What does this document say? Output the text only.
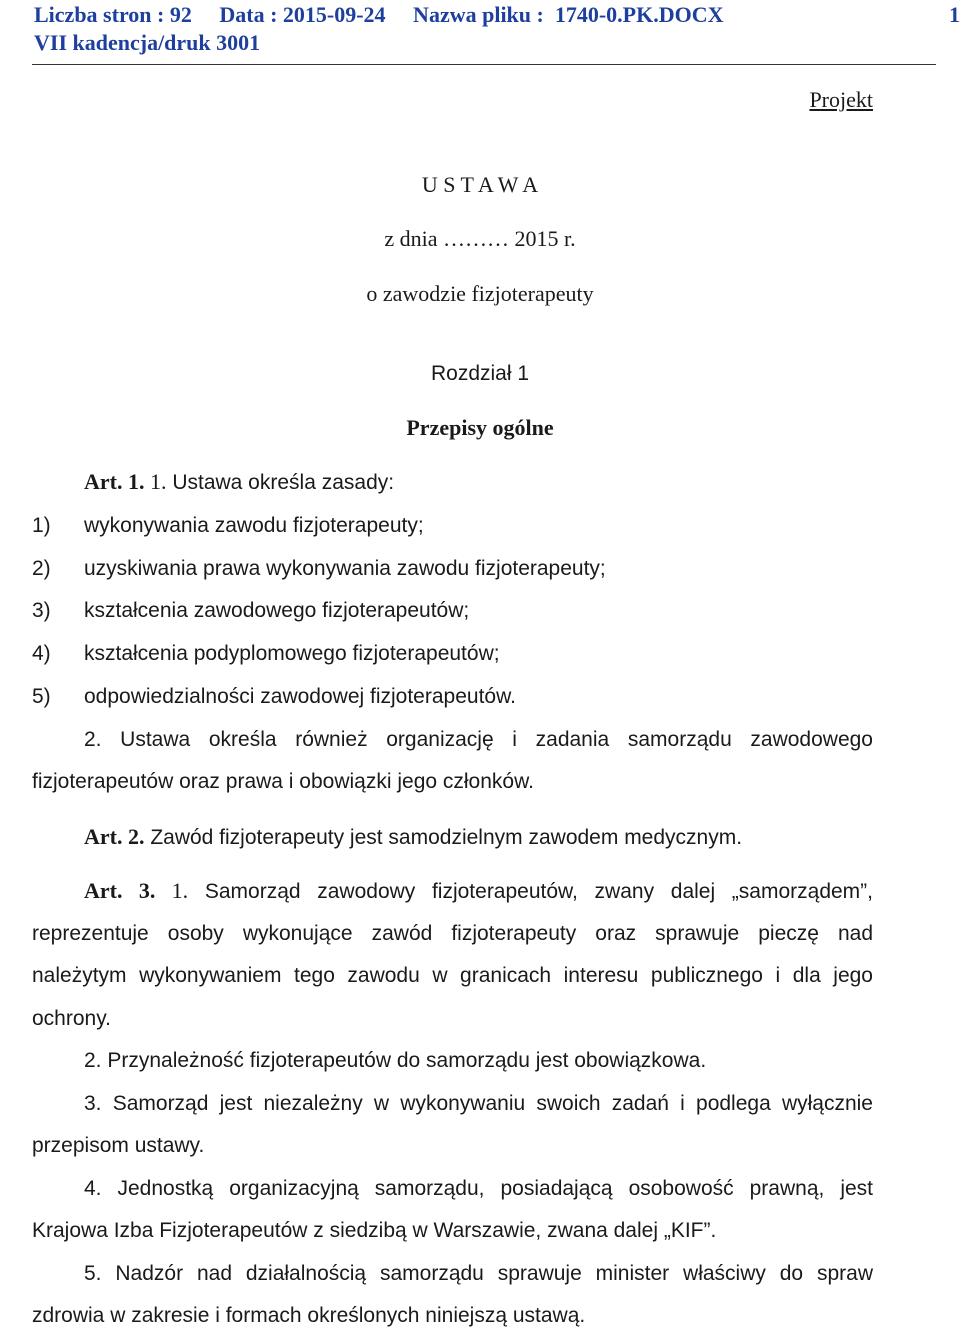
Liczba stron : 92     Data : 2015-09-24     Nazwa pliku :  1740-0.PK.DOCX	1
VII kadencja/druk 3001
Projekt
U S T A W A
z dnia ……… 2015 r.
o zawodzie fizjoterapeuty
Rozdział 1
Przepisy ogólne
Art. 1. 1. Ustawa określa zasady:
1) wykonywania zawodu fizjoterapeuty;
2) uzyskiwania prawa wykonywania zawodu fizjoterapeuty;
3) kształcenia zawodowego fizjoterapeutów;
4) kształcenia podyplomowego fizjoterapeutów;
5) odpowiedzialności zawodowej fizjoterapeutów.
2. Ustawa określa również organizację i zadania samorządu zawodowego
fizjoterapeutów oraz prawa i obowiązki jego członków.
Art. 2. Zawód fizjoterapeuty jest samodzielnym zawodem medycznym.
Art. 3. 1. Samorząd zawodowy fizjoterapeutów, zwany dalej „samorządem”,
reprezentuje osoby wykonujące zawód fizjoterapeuty oraz sprawuje pieczę nad
należytym wykonywaniem tego zawodu w granicach interesu publicznego i dla jego
ochrony.
2. Przynależność fizjoterapeutów do samorządu jest obowiązkowa.
3. Samorząd jest niezależny w wykonywaniu swoich zadań i podlega wyłącznie
przepisom ustawy.
4. Jednostką organizacyjną samorządu, posiadającą osobowość prawną, jest
Krajowa Izba Fizjoterapeutów z siedzibą w Warszawie, zwana dalej „KIF”.
5. Nadzór nad działalnością samorządu sprawuje minister właściwy do spraw
zdrowia w zakresie i formach określonych niniejszą ustawą.
